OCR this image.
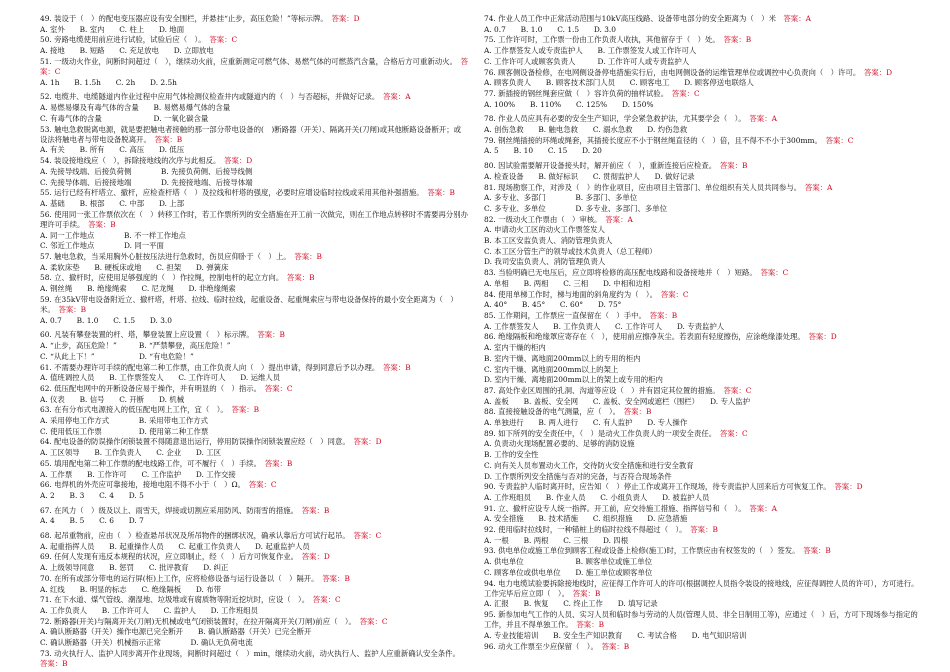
49. 装设于（　）的配电变压器应设有安全围栏，并悬挂“止步，高压危险！”等标示牌。　 答案：D
A. 室外　　B. 室内　　C. 柱上　　D. 地面
50. 旁路电缆使用前应进行试验，试验后应（　）。　 答案：C
A. 接地　　B. 短路　　C. 充足放电　　D. 立即放电
51. 一级动火作业，间断时间超过（　），继续动火前，应重新测定可燃气体、易燃气体的可燃蒸汽含量，合格后方可重新动火。　 答案：C
A. 1h　　B. 1.5h　　C. 2h　　D. 2.5h
52. 电缆井、电缆隧道内作业过程中应用气体检测仪检查井内或隧道内的（　）与否超标，并做好记录。　 答案：A
A. 易燃易爆及有毒气体的含量　　B. 易燃易爆气体的含量
C. 有毒气体的含量　　　　　　　D. 一氧化碳含量
53. 触电急救脱离电源，就是要把触电者接触的那一部分带电设备的(　)断路器（开关）、隔离开关(刀闸)或其他断路设备断开；或设法将触电者与带电设备脱离开。　 答案：B
A. 有关　　B. 所有　　C. 高压　　D. 低压
54. 装设接地线应（　），拆除接地线的次序与此相反。　 答案：D
A. 先接导线端、后接负荷侧　　　　B. 先接负荷侧、后接导线侧
C. 先接导体端、后接接地端　　　　D. 先接接地端、后接导体端
55. 运行已经有杆塔立、撤杆，应检查杆塔（　）及拉线和杆塔的强度，必要时应增设临时拉线或采用其他补强措施。　 答案：B
A. 基础　　B. 根部　　C. 中部　　D. 上部
56. 使用同一张工作票依次在（　）转移工作时，若工作票所列的安全措施在开工前一次做完，则在工作地点转移时不需要再分别办理许可手续。　 答案：B
A. 同一工作地点　　　　B. 不一样工作地点
C. 邻近工作地点　　　　D. 同一平面
57. 触电急救，当采用胸外心脏按压法进行急救时，伤员应仰卧于（　）上。　 答案：B
A. 柔软床垫　　B. 硬板床或地　　C. 担架　　D. 弹簧床
58. 立、撤杆时，应使用足够强度的（　）作拉绳，控制电杆的起立方向。　 答案：B
A. 钢丝绳　　B. 绝缘绳索　　C. 尼龙绳　　D. 非绝缘绳索
59. 在35kV带电设备附近立、撤杆塔，杆塔、拉线、临时拉线，起重设备、起重绳索应与带电设备保持的最小安全距离为（　）米。　 答案：B
A. 0.7　　B. 1.0　　C. 1.5　　D. 3.0
60. 凡装有攀登装置的杆、塔，攀登装置上应设置（　）标示牌。　 答案：B
A. “止步，高压危险！”　　　B. “严禁攀登，高压危险！”
C. “从此上下！”　　　　　　D. “有电危险！”
61. 不需要办理许可手续的配电第二种工作票，由工作负责人向（　）提出申请，得到同意后予以办理。　 答案：B
A. 值班调控人员　　B. 工作票签发人　　C. 工作许可人　　D. 运维人员
62. 低压配电网中的开断设备应易于操作，并有明显的（　）指示。　 答案：C
A. 仪表　　B. 信号　　C. 开断　　D. 机械
63. 在有分布式电源接入的低压配电网上工作，宜（　）。　 答案：B
A. 采用停电工作方式　　　　B. 采用带电工作方式
C. 使用低压工作票　　　　　D. 使用第二种工作票
64. 配电设备的防误操作闭锁装置不得随意退出运行，停用防误操作闭锁装置应经（　）同意。　 答案：D
A. 工区领导　　B. 工作负责人　　C. 企业　　D. 工区
65. 填用配电第二种工作票的配电线路工作，可不履行（　）手续。　 答案：B
A. 工作票　　B. 工作许可　　C. 工作监护　　D. 工作交接
66. 电焊机的外壳应可靠接地，接地电阻不得不小于（　）Ω。　 答案：C
A. 2　　B. 3　　C. 4　　D. 5
67. 在风力（　）级及以上、雨雪天，焊接或切割应采用防风、防雨雪的措施。　 答案：B
A. 4　　B. 5　　C. 6　　D. 7
68. 起吊重物前，应由（　）检查悬吊状况及所吊物件的捆绑状况，确承认靠后方可试行起吊。　 答案：C
A. 起重指挥人员　　B. 起重操作人员　　C. 起重工作负责人　　D. 起重监护人员
69. 任何人发现有违反本规程的状况，应立即制止，经（　）后方可恢复作业。　 答案：D
A. 上级领导同意　　B. 惩罚　　C. 批评教育　　D. 纠正
70. 在所有或部分带电的运行屏(柜)上工作，应将检修设备与运行设备以（　）隔开。　 答案：B
A. 红线　　B. 明显的标志　　C. 绝缘隔板　　D. 布带
71. 在下水道、煤气管线、潮湿地、垃圾堆或有腐质物等附近挖坑时，应设（　）。　 答案：C
A. 工作负责人　　B. 工作许可人　　C. 监护人　　D. 工作班组员
72. 断路器(开关)与隔离开关(刀闸)无机械或电气闭锁装置时，在拉开隔离开关(刀闸)前应（　）。　 答案：C
A. 确认断路器（开关）操作电源已完全断开　　B. 确认断路器（开关）已完全断开
C. 确认断路器（开关）机械指示正常　　　　D. 确认无负荷电流
73. 动火执行人、监护人同步离开作业现场，间断时间超过（　）min，继续动火前，动火执行人、监护人应重新确认安全条件。　答案：B
74. 作业人员工作中正常活动范围与10kV高压线路、设备带电部分的安全距离为（　）米　 答案：A
A. 0.7　　B. 1.0　　C. 1.5　　D. 3.0
75. 工作许可时，工作票一份由工作负责人收执，其他留存于（　）处。　 答案：B
A. 工作票签发人或专责监护人　　B. 工作票签发人或工作许可人
C. 工作许可人或顾客负责人　　　D. 工作许可人或专责监护人
76. 顾客侧设备检修，在电网侧设备停电措施实行后，由电网侧设备的运维管理单位或调控中心负责向（　）许可。　 答案：D
A. 顾客负责人　　B. 顾客技术部门人员　　C. 顾客电工　　D. 顾客停送电联络人
77. 新插接的钢丝绳套应做（　）容许负荷的抽样试验。　 答案：C
A. 100%　　B. 110%　　C. 125%　　D. 150%
78. 作业人员应具有必要的安全生产知识，学会紧急救护法，尤其要学会（　）。　 答案：A
A. 创伤急救　　B. 触电急救　　C. 溺水急救　　D. 灼伤急救
79. 钢丝绳插接的环绳或绳套，其插接长度应不小于钢丝绳直径的（　）倍，且不得不不小于300mm。　 答案：C
A. 5　　B. 10　　C. 15　　D. 20
80. 因试验需要解开设备接头时，解开前应（　），重新连接后应检查。　 答案：B
A. 检查设备　　B. 做好标识　　C. 贯彻监护人　　D. 做好记录
81. 现场勘察工作，对涉及（　）的作业项目，应由项目主管部门、单位组织有关人员共同参与。　 答案：A
A. 多专业、多部门　　　　B. 多部门、多单位
C. 多专业、多单位　　　　D. 多专业、多部门、多单位
82. 一级动火工作票由（　）审核。　 答案：A
A. 申请动火工区的动火工作票签发人
B. 本工区安监负责人、消防管理负责人
C. 本工区分管生产的领导或技术负责人（总工程师）
D. 我司安监负责人、消防管理负责人
83. 当验明确已无电压后，应立即将检修的高压配电线路和设备接地并（　）短路。　 答案：C
A. 单相　　B. 两相　　C. 三相　　D. 中相和边相
84. 使用单梯工作时，梯与地面的斜角度约为（　）。　 答案：C
A. 40°　　B. 45°　　C. 60°　　D. 75°
85. 工作期间，工作票应一直保留在（　）手中。　 答案：B
A. 工作票签发人　　B. 工作负责人　　C. 工作许可人　　D. 专责监护人
86. 绝缘隔板和绝缘罩应寄存在（　），使用前应擦净灰尘。若表面有轻度擦伤，应涂绝缘漆处理。　 答案：D
A. 室内干燥的柜内
B. 室内干燥、离地面200mm以上的专用的柜内
C. 室内干燥、离地面200mm以上的架上
D. 室内干燥、离地面200mm以上的架上或专用的柜内
87. 高处作业区周围的孔洞、沟道等应设（　）并有固定其位置的措施。　 答案：C
A. 盖板　　B. 盖板、安全网　　C. 盖板、安全网或遮栏（围栏）　　D. 专人监护
88. 直接接触设备的电气测量，应（　）。　 答案：B
A. 单独进行　　B. 两人进行　　C. 有人监护　　D. 专人操作
89. 如下所列的安全责任中，（　）是动火工作负责人的一项安全责任。　 答案：C
A. 负责动火现场配置必要的、足够的消防设施
B. 工作的安全性
C. 向有关人员布置动火工作，交待防火安全措施和进行安全教育
D. 工作票所列安全措施与否对的完备，与否符合现场条件
90. 专责监护人临时离开时，应告知（　）停止工作或离开工作现场，待专责监护人回来后方可恢复工作。　 答案：D
A. 工作班组员　　B. 作业人员　　C. 小组负责人　　D. 被监护人员
91. 立、撤杆应设专人统一指挥。开工前，应交待施工措施、指挥信号和（　）。　 答案：A
A. 安全措施　　B. 技术措施　　C. 组织措施　　D. 应急措施
92. 使用临时拉线时，一种锚桩上的临时拉线不得超过（　）。　 答案：B
A. 一根　　B. 两根　　C. 三根　　D. 四根
93. 供电单位或施工单位到顾客工程或设备上检修(施工)时，工作票应由有权签发的（　）签发。　 答案：B
A. 供电单位　　　　　　　B. 顾客单位或施工单位
C. 顾客单位或供电单位　　D. 施工单位或顾客单位
94. 电力电缆试验要拆除接地线时，应征得工作许可人的许可(根据调控人员指令装设的接地线，应征得调控人员的许可），方可进行。工作完毕后应立即（　）。　 答案：B
A. 汇报　　B. 恢复　　C. 终止工作　　D. 填写记录
95. 新参加电气工作的人员、实习人员和临时参与劳动的人员(管理人员、非全日制用工等)，应通过（　）后，方可下现场参与指定的工作，并且不得单独工作。　 答案：B
A. 专业技能培训　　B. 安全生产知识教育　　C. 考试合格　　D. 电气知识培训
96. 动火工作票至少应保留（　）。　 答案：B
